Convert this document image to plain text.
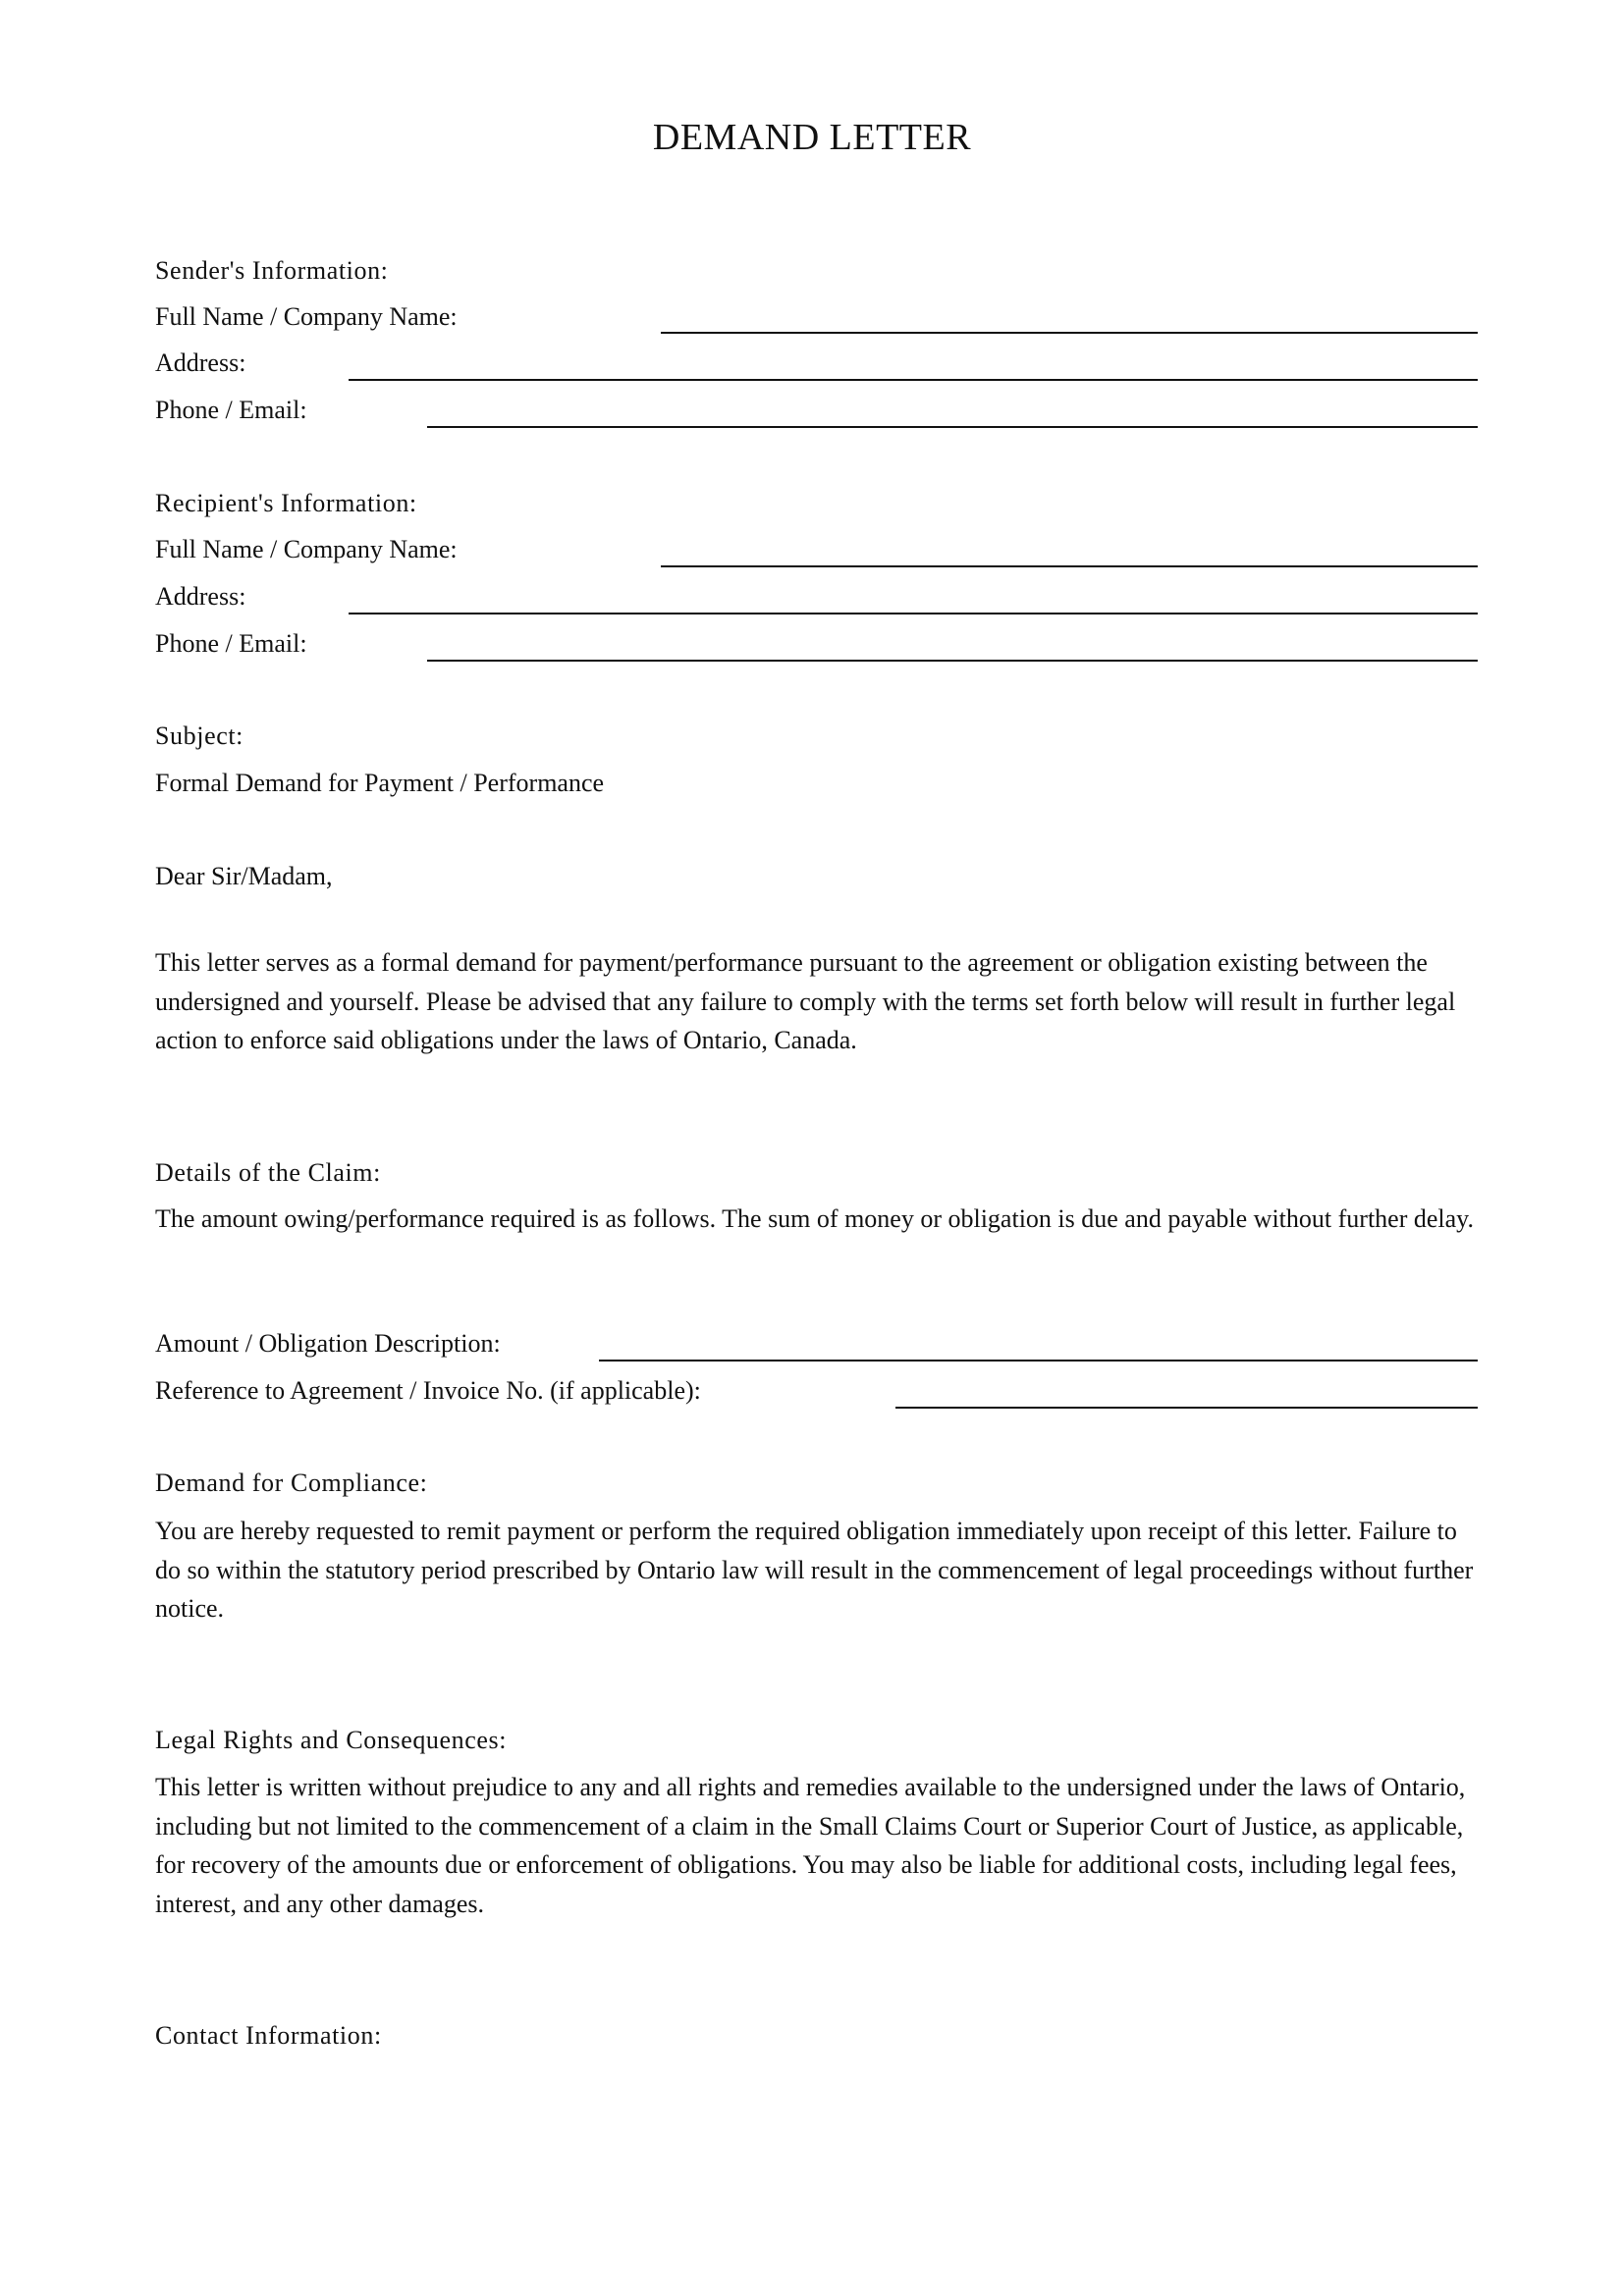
DEMAND LETTER
Sender's Information:
Full Name / Company Name:
Address:
Phone / Email:
Recipient's Information:
Full Name / Company Name:
Address:
Phone / Email:
Subject:
Formal Demand for Payment / Performance
Dear Sir/Madam,
This letter serves as a formal demand for payment/performance pursuant to the agreement or obligation existing between the undersigned and yourself. Please be advised that any failure to comply with the terms set forth below will result in further legal action to enforce said obligations under the laws of Ontario, Canada.
Details of the Claim:
The amount owing/performance required is as follows. The sum of money or obligation is due and payable without further delay.
Amount / Obligation Description:
Reference to Agreement / Invoice No. (if applicable):
Demand for Compliance:
You are hereby requested to remit payment or perform the required obligation immediately upon receipt of this letter. Failure to do so within the statutory period prescribed by Ontario law will result in the commencement of legal proceedings without further notice.
Legal Rights and Consequences:
This letter is written without prejudice to any and all rights and remedies available to the undersigned under the laws of Ontario, including but not limited to the commencement of a claim in the Small Claims Court or Superior Court of Justice, as applicable, for recovery of the amounts due or enforcement of obligations. You may also be liable for additional costs, including legal fees, interest, and any other damages.
Contact Information:
